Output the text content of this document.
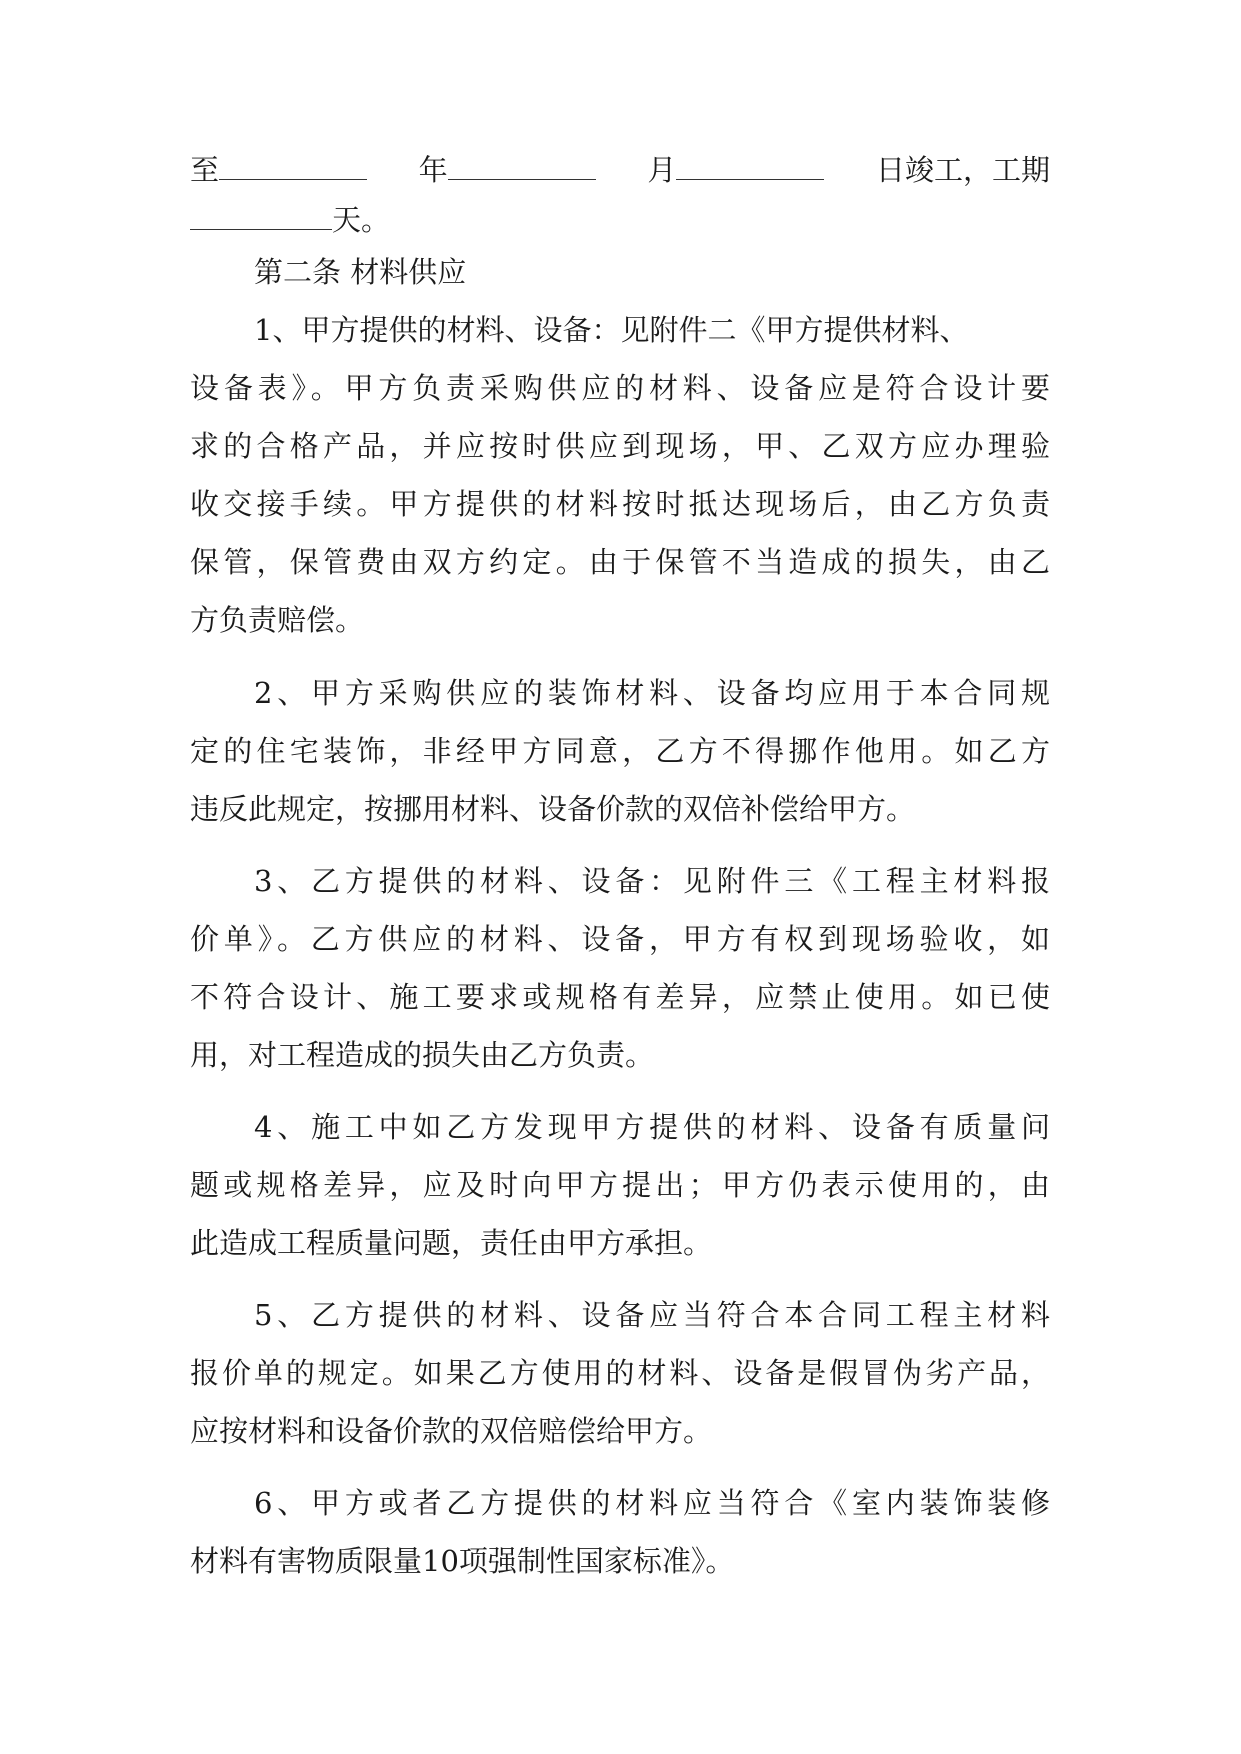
至	年	月	日竣工，工期
天。
第二条 材料供应
1、甲方提供的材料、设备：见附件二《甲方提供材料、
设备表》。甲方负责采购供应的材料、设备应是符合设计要
求的合格产品，并应按时供应到现场，甲、乙双方应办理验
收交接手续。甲方提供的材料按时抵达现场后，由乙方负责
保管，保管费由双方约定。由于保管不当造成的损失，由乙
方负责赔偿。
2、甲方采购供应的装饰材料、设备均应用于本合同规
定的住宅装饰，非经甲方同意，乙方不得挪作他用。如乙方
违反此规定，按挪用材料、设备价款的双倍补偿给甲方。
3、乙方提供的材料、设备：见附件三《工程主材料报
价单》。乙方供应的材料、设备，甲方有权到现场验收，如
不符合设计、施工要求或规格有差异，应禁止使用。如已使
用，对工程造成的损失由乙方负责。
4、施工中如乙方发现甲方提供的材料、设备有质量问
题或规格差异，应及时向甲方提出；甲方仍表示使用的，由
此造成工程质量问题，责任由甲方承担。
5、乙方提供的材料、设备应当符合本合同工程主材料
报价单的规定。如果乙方使用的材料、设备是假冒伪劣产品，
应按材料和设备价款的双倍赔偿给甲方。
6、甲方或者乙方提供的材料应当符合《室内装饰装修
材料有害物质限量10项强制性国家标准》。
